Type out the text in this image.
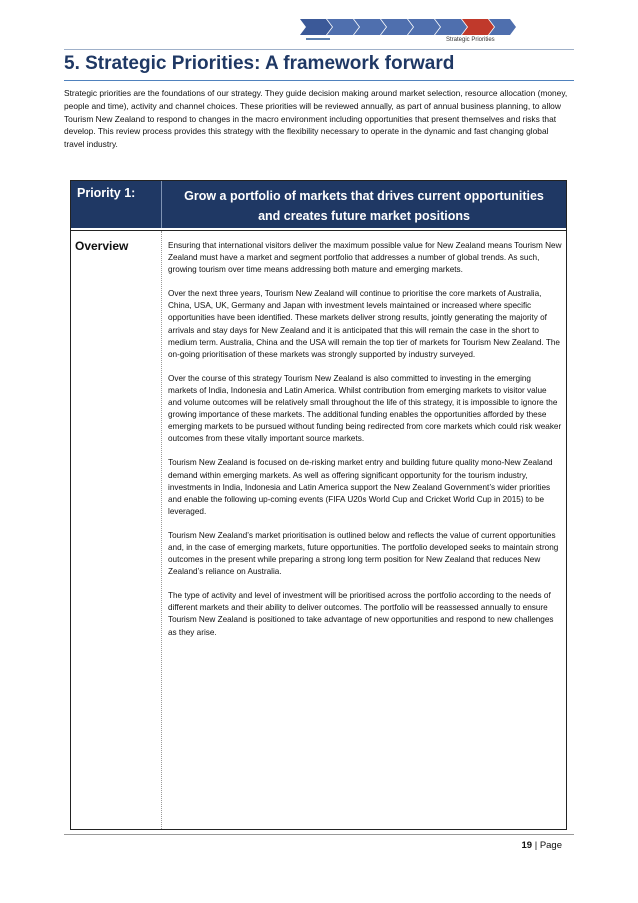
Strategic Priorities
5. Strategic Priorities: A framework forward
Strategic priorities are the foundations of our strategy. They guide decision making around market selection, resource allocation (money, people and time), activity and channel choices. These priorities will be reviewed annually, as part of annual business planning, to allow Tourism New Zealand to respond to changes in the macro environment including opportunities that present themselves and risks that develop. This review process provides this strategy with the flexibility necessary to operate in the dynamic and fast changing global travel industry.
Priority 1:	Grow a portfolio of markets that drives current opportunities
and creates future market positions
Overview	Ensuring that international visitors deliver the maximum possible value for New Zealand means Tourism New Zealand must have a market and segment portfolio that addresses a number of global trends. As such, growing tourism over time means addressing both mature and emerging markets.

Over the next three years, Tourism New Zealand will continue to prioritise the core markets of Australia, China, USA, UK, Germany and Japan with investment levels maintained or increased where specific opportunities have been identified. These markets deliver strong results, jointly generating the majority of arrivals and stay days for New Zealand and it is anticipated that this will remain the case in the short to medium term. Australia, China and the USA will remain the top tier of markets for Tourism New Zealand. The on-going prioritisation of these markets was strongly supported by industry surveyed.

Over the course of this strategy Tourism New Zealand is also committed to investing in the emerging markets of India, Indonesia and Latin America. Whilst contribution from emerging markets to visitor value and volume outcomes will be relatively small throughout the life of this strategy, it is impossible to ignore the growing importance of these markets. The additional funding enables the opportunities afforded by these emerging markets to be pursued without funding being redirected from core markets which could risk weaker outcomes from these vitally important source markets.

Tourism New Zealand is focused on de-risking market entry and building future quality mono-New Zealand demand within emerging markets. As well as offering significant opportunity for the tourism industry, investments in India, Indonesia and Latin America support the New Zealand Government’s wider priorities and enable the following up-coming events (FIFA U20s World Cup and Cricket World Cup in 2015) to be leveraged.

Tourism New Zealand’s market prioritisation is outlined below and reflects the value of current opportunities and, in the case of emerging markets, future opportunities. The portfolio developed seeks to maintain strong outcomes in the present while preparing a strong long term position for New Zealand that reduces New Zealand’s reliance on Australia.

The type of activity and level of investment will be prioritised across the portfolio according to the needs of different markets and their ability to deliver outcomes. The portfolio will be reassessed annually to ensure Tourism New Zealand is positioned to take advantage of new opportunities and respond to new challenges as they arise.

19 | Page
